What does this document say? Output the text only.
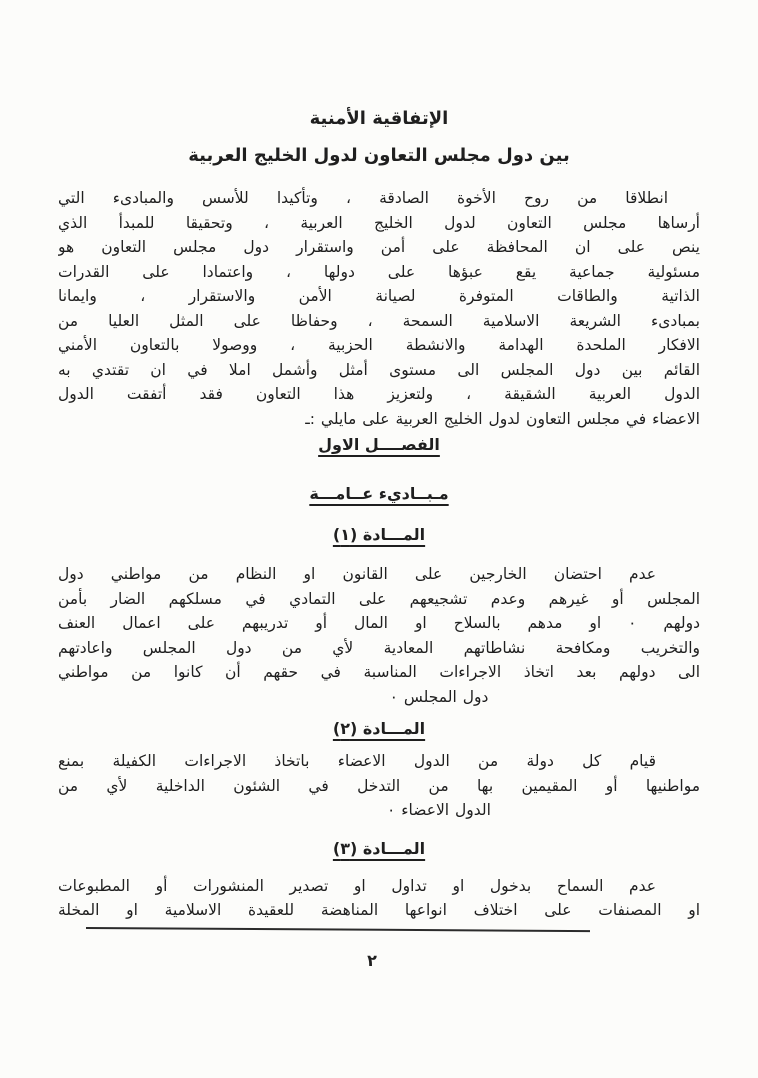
الإتفاقية الأمنية
بين دول مجلس التعاون لدول الخليج العربية
انطلاقا من روح الأخوة الصادقة ، وتأكيدا للأسس والمبادىء التي
أرساها مجلس التعاون لدول الخليج العربية ، وتحقيقا للمبدأ الذي
ينص على ان المحافظة على أمن واستقرار دول مجلس التعاون هو
مسئولية جماعية يقع عبؤها على دولها ، واعتمادا على القدرات
الذاتية والطاقات المتوفرة لصيانة الأمن والاستقرار ، وايمانا
بمبادىء الشريعة الاسلامية السمحة ، وحفاظا على المثل العليا من
الافكار الملحدة الهدامة والانشطة الحزبية ، ووصولا بالتعاون الأمني
القائم بين دول المجلس الى مستوى أمثل وأشمل املا في ان تقتدي به
الدول العربية الشقيقة ، ولتعزيز هذا التعاون فقد أتفقت الدول
الاعضاء في مجلس التعاون لدول الخليج العربية على مايلي :ـ
الفصــــل الاول
مـبــاديء عــامـــة
المـــادة (١)
عدم احتضان الخارجين على القانون او النظام من مواطني دول
المجلس أو غيرهم وعدم تشجيعهم على التمادي في مسلكهم الضار بأمن
دولهم ٠ او مدهم بالسلاح او المال أو تدريبهم على اعمال العنف
والتخريب ومكافحة نشاطاتهم المعادية لأي من دول المجلس واعادتهم
الى دولهم بعد اتخاذ الاجراءات المناسبة في حقهم أن كانوا من مواطني
دول المجلس ٠
المـــادة (٢)
قيام كل دولة من الدول الاعضاء باتخاذ الاجراءات الكفيلة بمنع
مواطنيها أو المقيمين بها من التدخل في الشئون الداخلية لأي من
الدول الاعضاء ٠
المـــادة (٣)
عدم السماح بدخول او تداول او تصدير المنشورات أو المطبوعات
او المصنفات على اختلاف انواعها المناهضة للعقيدة الاسلامية او المخلة
٢
